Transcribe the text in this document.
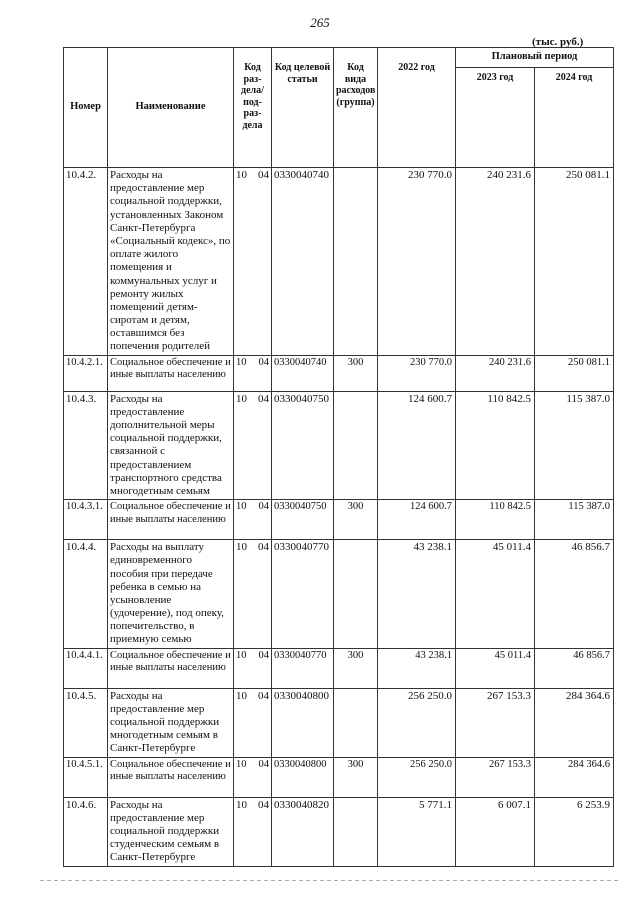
265
(тыс. руб.)
Номер	Наименование	Код раз-дела/ под-раз-дела	Код целевой статьи	Код вида расходов (группа)	2022 год	Плановый период	
						2023 год	2024 год
10.4.2.	Расходы на предоставление мер социальной поддержки, установленных Законом Санкт-Петербурга «Социальный кодекс», по оплате жилого помещения и коммунальных услуг и ремонту жилых помещений детям-сиротам и детям, оставшимся без попечения родителей	10 04	0330040740		230 770.0	240 231.6	250 081.1
10.4.2.1.	Социальное обеспечение и иные выплаты населению	10 04	0330040740	300	230 770.0	240 231.6	250 081.1
10.4.3.	Расходы на предоставление дополнительной меры социальной поддержки, связанной с предоставлением транспортного средства многодетным семьям	10 04	0330040750		124 600.7	110 842.5	115 387.0
10.4.3.1.	Социальное обеспечение и иные выплаты населению	10 04	0330040750	300	124 600.7	110 842.5	115 387.0
10.4.4.	Расходы на выплату единовременного пособия при передаче ребенка в семью на усыновление (удочерение), под опеку, попечительство, в приемную семью	10 04	0330040770		43 238.1	45 011.4	46 856.7
10.4.4.1.	Социальное обеспечение и иные выплаты населению	10 04	0330040770	300	43 238.1	45 011.4	46 856.7
10.4.5.	Расходы на предоставление мер социальной поддержки многодетным семьям в Санкт-Петербурге	10 04	0330040800		256 250.0	267 153.3	284 364.6
10.4.5.1.	Социальное обеспечение и иные выплаты населению	10 04	0330040800	300	256 250.0	267 153.3	284 364.6
10.4.6.	Расходы на предоставление мер социальной поддержки студенческим семьям в Санкт-Петербурге	10 04	0330040820		5 771.1	6 007.1	6 253.9
